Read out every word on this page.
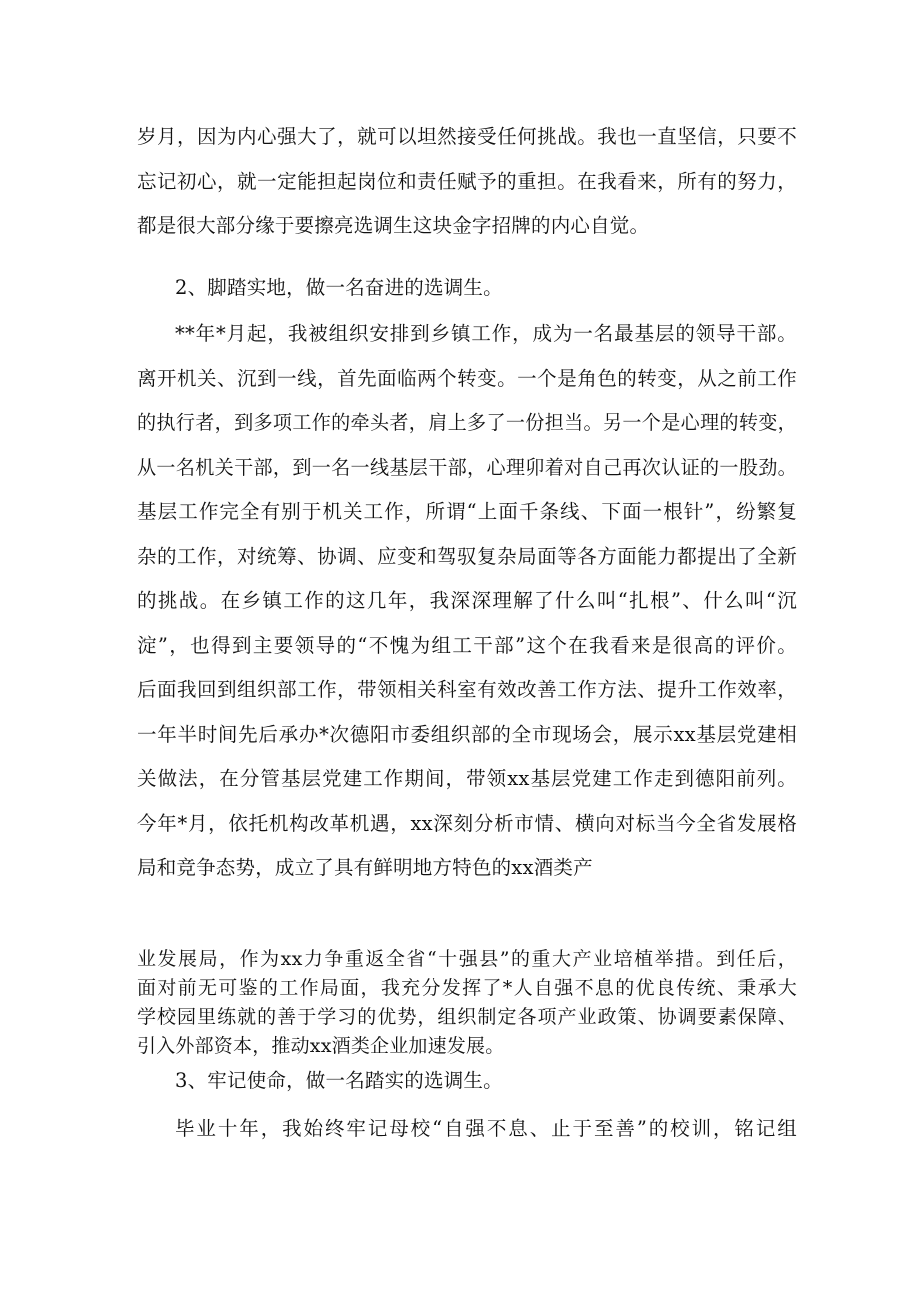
岁月，因为内心强大了，就可以坦然接受任何挑战。我也一直坚信，只要不
忘记初心，就一定能担起岗位和责任赋予的重担。在我看来，所有的努力，
都是很大部分缘于要擦亮选调生这块金字招牌的内心自觉。
2、脚踏实地，做一名奋进的选调生。
**年*月起，我被组织安排到乡镇工作，成为一名最基层的领导干部。
离开机关、沉到一线，首先面临两个转变。一个是角色的转变，从之前工作
的执行者，到多项工作的牵头者，肩上多了一份担当。另一个是心理的转变，
从一名机关干部，到一名一线基层干部，心理卯着对自己再次认证的一股劲。
基层工作完全有别于机关工作，所谓“上面千条线、下面一根针”，纷繁复
杂的工作，对统筹、协调、应变和驾驭复杂局面等各方面能力都提出了全新
的挑战。在乡镇工作的这几年，我深深理解了什么叫“扎根”、什么叫“沉
淀”，也得到主要领导的“不愧为组工干部”这个在我看来是很高的评价。
后面我回到组织部工作，带领相关科室有效改善工作方法、提升工作效率，
一年半时间先后承办*次德阳市委组织部的全市现场会，展示xx基层党建相
关做法，在分管基层党建工作期间，带领xx基层党建工作走到德阳前列。
今年*月，依托机构改革机遇，xx深刻分析市情、横向对标当今全省发展格
局和竞争态势，成立了具有鲜明地方特色的xx酒类产
业发展局，作为xx力争重返全省“十强县”的重大产业培植举措。到任后，
面对前无可鉴的工作局面，我充分发挥了*人自强不息的优良传统、秉承大
学校园里练就的善于学习的优势，组织制定各项产业政策、协调要素保障、
引入外部资本，推动xx酒类企业加速发展。
3、牢记使命，做一名踏实的选调生。
毕业十年，我始终牢记母校“自强不息、止于至善”的校训，铭记组
